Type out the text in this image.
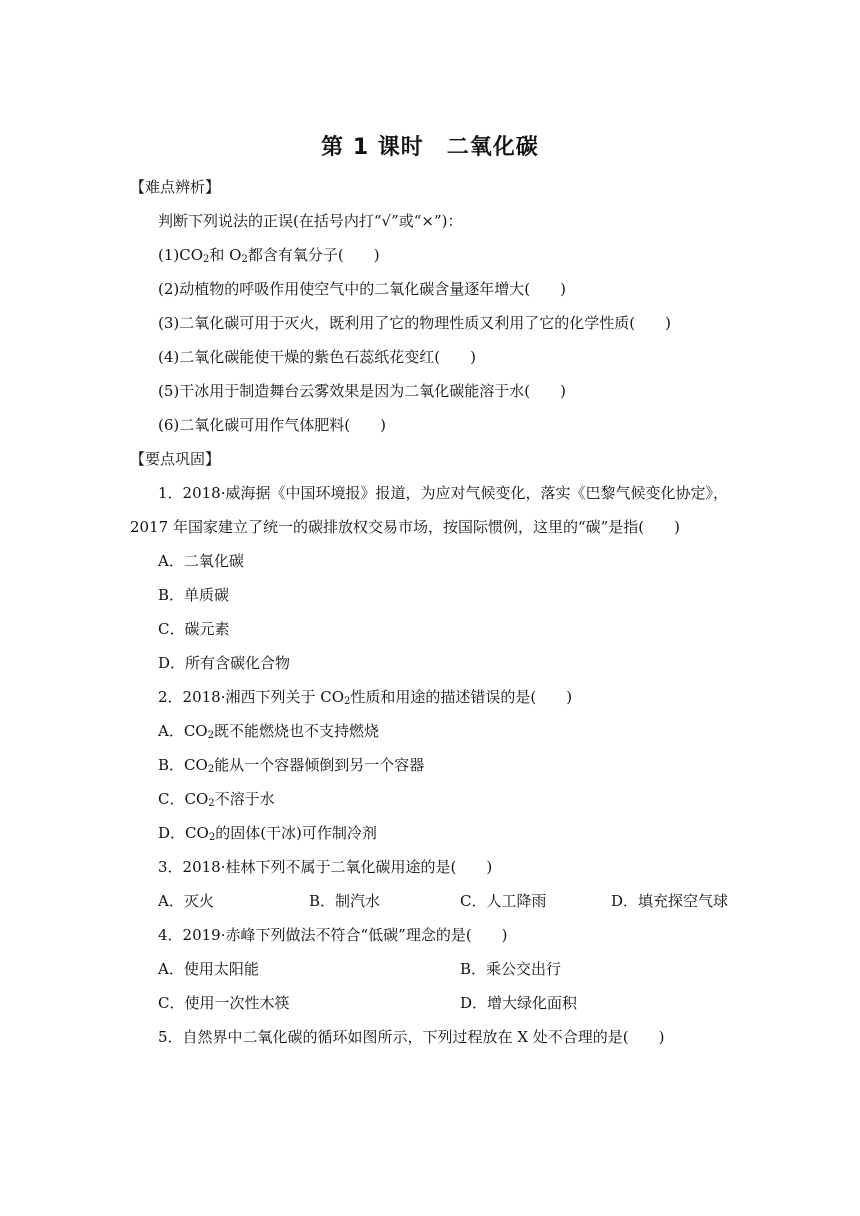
第 1 课时　二氧化碳
【难点辨析】
判断下列说法的正误(在括号内打“√”或“×”)：
$(1)CO_2$和 $O_2$都含有氧分子(　　)
(2)动植物的呼吸作用使空气中的二氧化碳含量逐年增大(　　)
(3)二氧化碳可用于灭火，既利用了它的物理性质又利用了它的化学性质(　　)
(4)二氧化碳能使干燥的紫色石蕊纸花变红(　　)
(5)干冰用于制造舞台云雾效果是因为二氧化碳能溶于水(　　)
(6)二氧化碳可用作气体肥料(　　)
【要点巩固】
1．2018·威海据《中国环境报》报道，为应对气候变化，落实《巴黎气候变化协定》，
2017 年国家建立了统一的碳排放权交易市场，按国际惯例，这里的“碳”是指(　　)
A．二氧化碳
B．单质碳
C．碳元素
D．所有含碳化合物
2．2018·湘西下列关于 $CO_2$性质和用途的描述错误的是(　　)
A．$CO_2$既不能燃烧也不支持燃烧
B．$CO_2$能从一个容器倾倒到另一个容器
C．$CO_2$不溶于水
D．$CO_2$的固体(干冰)可作制冷剂
3．2018·桂林下列不属于二氧化碳用途的是(　　)
A．灭火	B．制汽水	C．人工降雨	D．填充探空气球
4．2019·赤峰下列做法不符合“低碳”理念的是(　　)
A．使用太阳能	B．乘公交出行
C．使用一次性木筷	D．增大绿化面积
5．自然界中二氧化碳的循环如图所示，下列过程放在 X 处不合理的是(　　)
